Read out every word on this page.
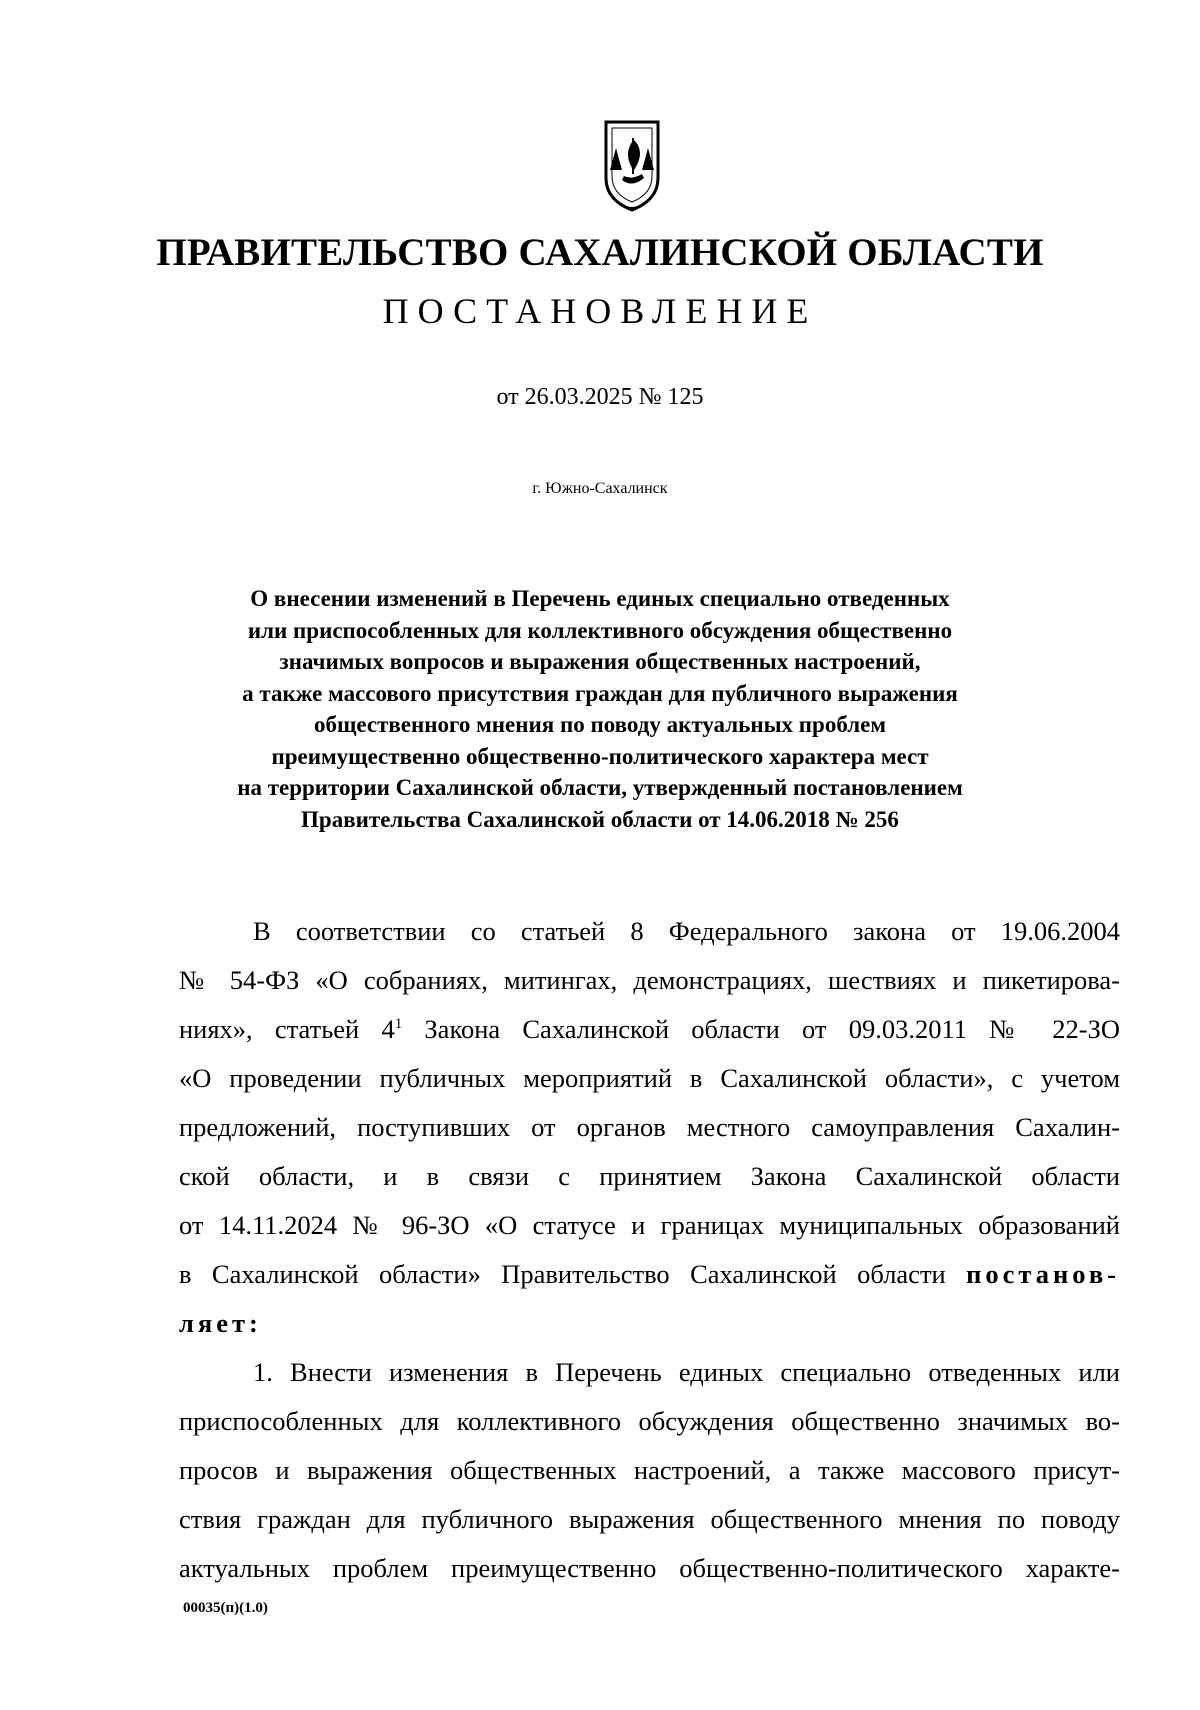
ПРАВИТЕЛЬСТВО САХАЛИНСКОЙ ОБЛАСТИ
ПОСТАНОВЛЕНИЕ
от 26.03.2025 № 125
г. Южно-Сахалинск
О внесении изменений в Перечень единых специально отведенных
или приспособленных для коллективного обсуждения общественно
значимых вопросов и выражения общественных настроений,
а также массового присутствия граждан для публичного выражения
общественного мнения по поводу актуальных проблем
преимущественно общественно-политического характера мест
на территории Сахалинской области, утвержденный постановлением
Правительства Сахалинской области от 14.06.2018 № 256
В соответствии со статьей 8 Федерального закона от 19.06.2004
№ 54-ФЗ «О собраниях, митингах, демонстрациях, шествиях и пикетирова-
ниях», статьей $4^1$ Закона Сахалинской области от 09.03.2011 № 22-ЗО
«О проведении публичных мероприятий в Сахалинской области», с учетом
предложений, поступивших от органов местного самоуправления Сахалин-
ской области, и в связи с принятием Закона Сахалинской области
от 14.11.2024 № 96-ЗО «О статусе и границах муниципальных образований
в Сахалинской области» Правительство Сахалинской области постанов-
ляет:
1. Внести изменения в Перечень единых специально отведенных или
приспособленных для коллективного обсуждения общественно значимых во-
просов и выражения общественных настроений, а также массового присут-
ствия граждан для публичного выражения общественного мнения по поводу
актуальных проблем преимущественно общественно-политического характе-
00035(п)(1.0)
